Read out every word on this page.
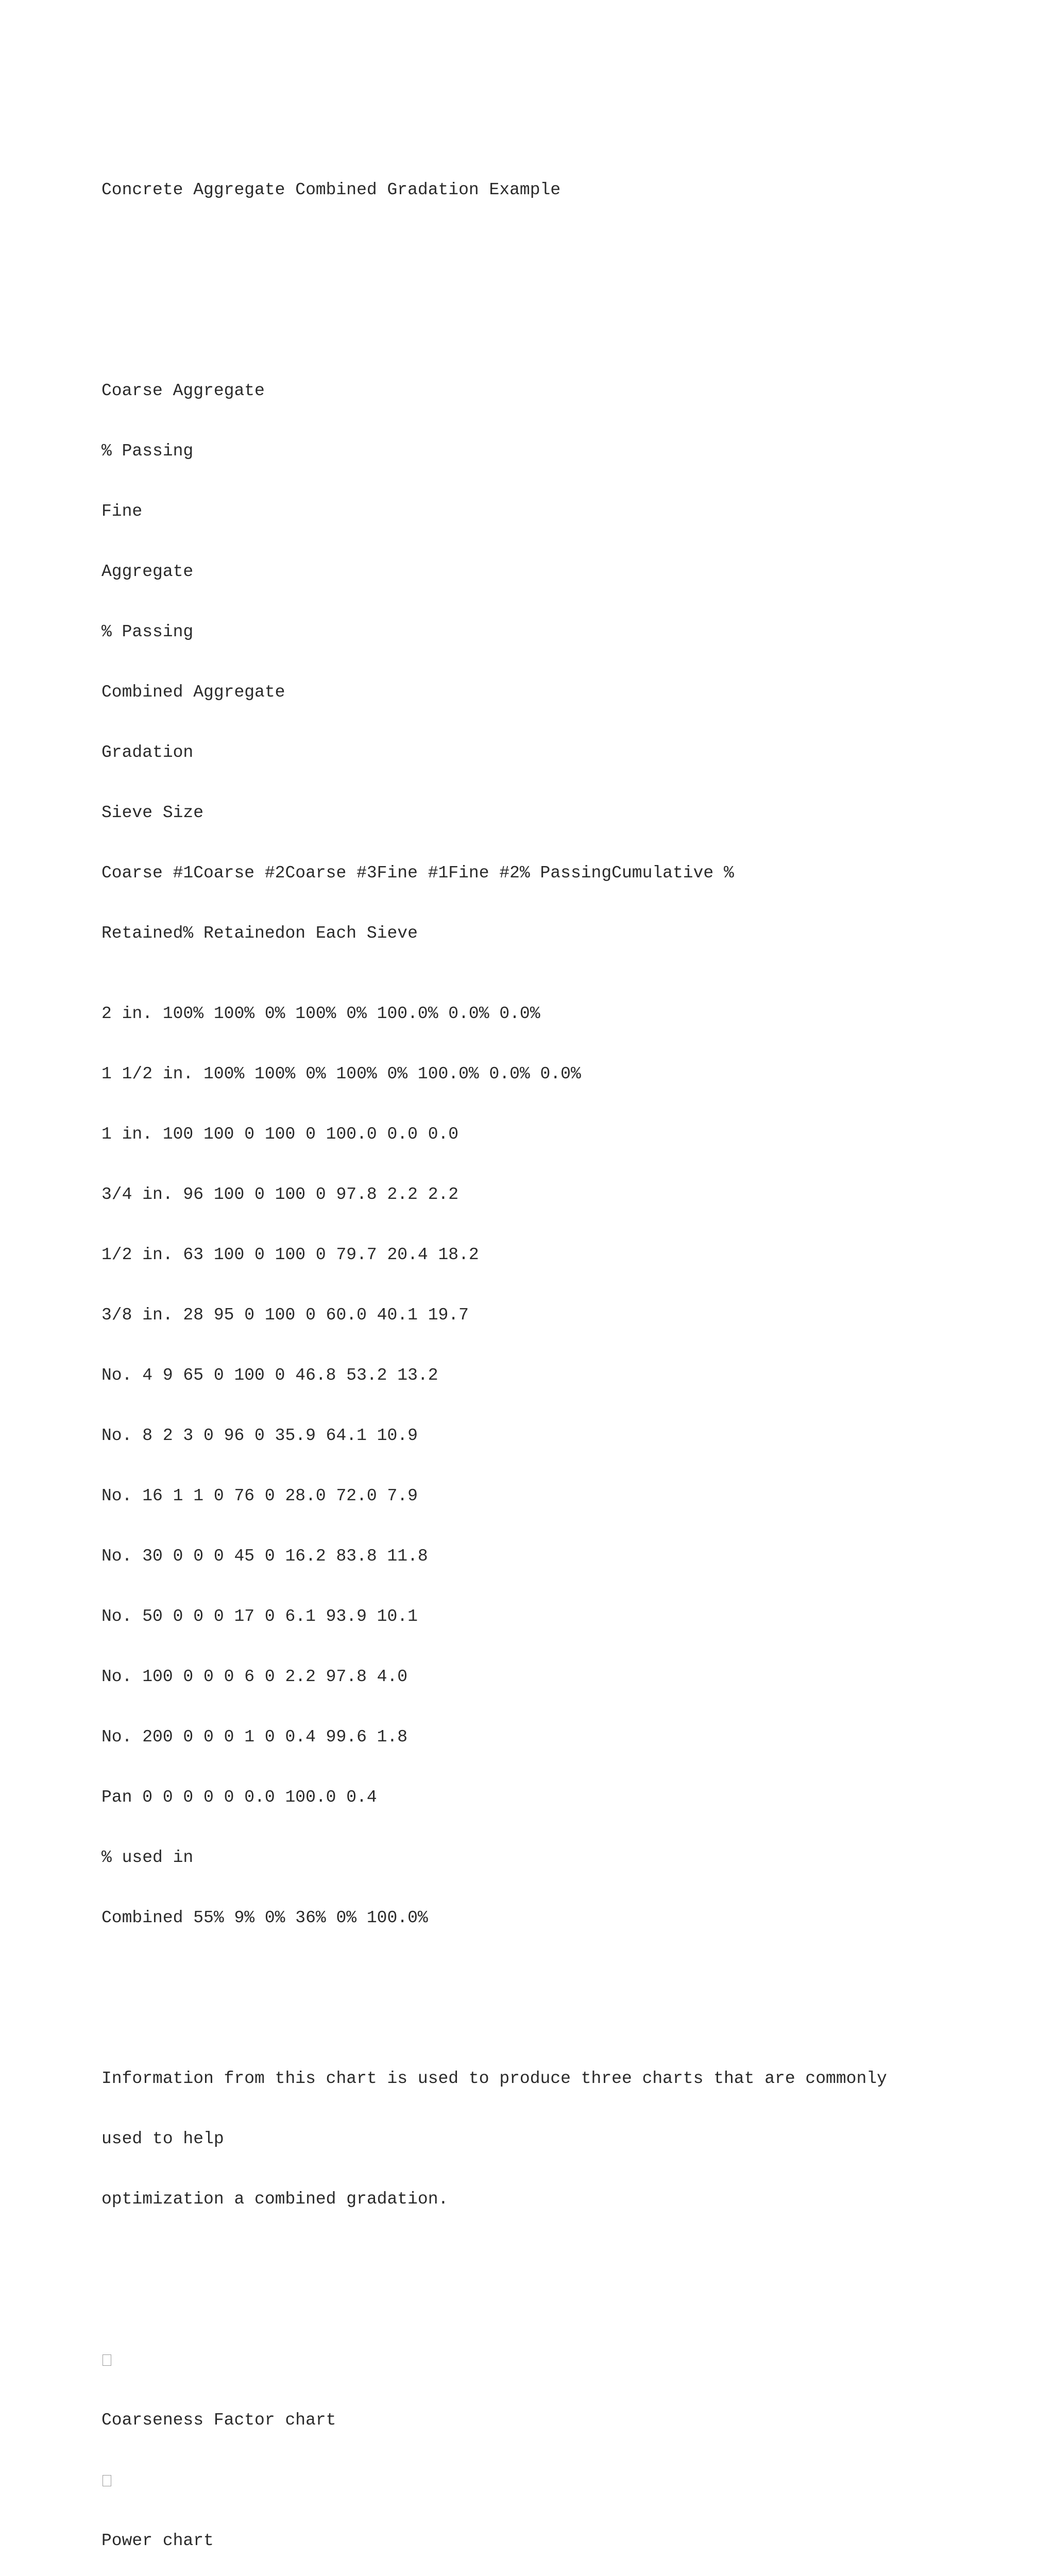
Concrete Aggregate Combined Gradation Example

Coarse Aggregate

% Passing

Fine

Aggregate

% Passing

Combined Aggregate

Gradation

Sieve Size

Coarse #1Coarse #2Coarse #3Fine #1Fine #2% PassingCumulative %

Retained% Retainedon Each Sieve

2 in. 100% 100% 0% 100% 0% 100.0% 0.0% 0.0%

1 1/2 in. 100% 100% 0% 100% 0% 100.0% 0.0% 0.0%

1 in. 100 100 0 100 0 100.0 0.0 0.0

3/4 in. 96 100 0 100 0 97.8 2.2 2.2

1/2 in. 63 100 0 100 0 79.7 20.4 18.2

3/8 in. 28 95 0 100 0 60.0 40.1 19.7

No. 4 9 65 0 100 0 46.8 53.2 13.2

No. 8 2 3 0 96 0 35.9 64.1 10.9

No. 16 1 1 0 76 0 28.0 72.0 7.9

No. 30 0 0 0 45 0 16.2 83.8 11.8

No. 50 0 0 0 17 0 6.1 93.9 10.1

No. 100 0 0 0 6 0 2.2 97.8 4.0

No. 200 0 0 0 1 0 0.4 99.6 1.8

Pan 0 0 0 0 0 0.0 100.0 0.4

% used in

Combined 55% 9% 0% 36% 0% 100.0%

Information from this chart is used to produce three charts that are commonly

used to help

optimization a combined gradation.

Coarseness Factor chart

Power chart
